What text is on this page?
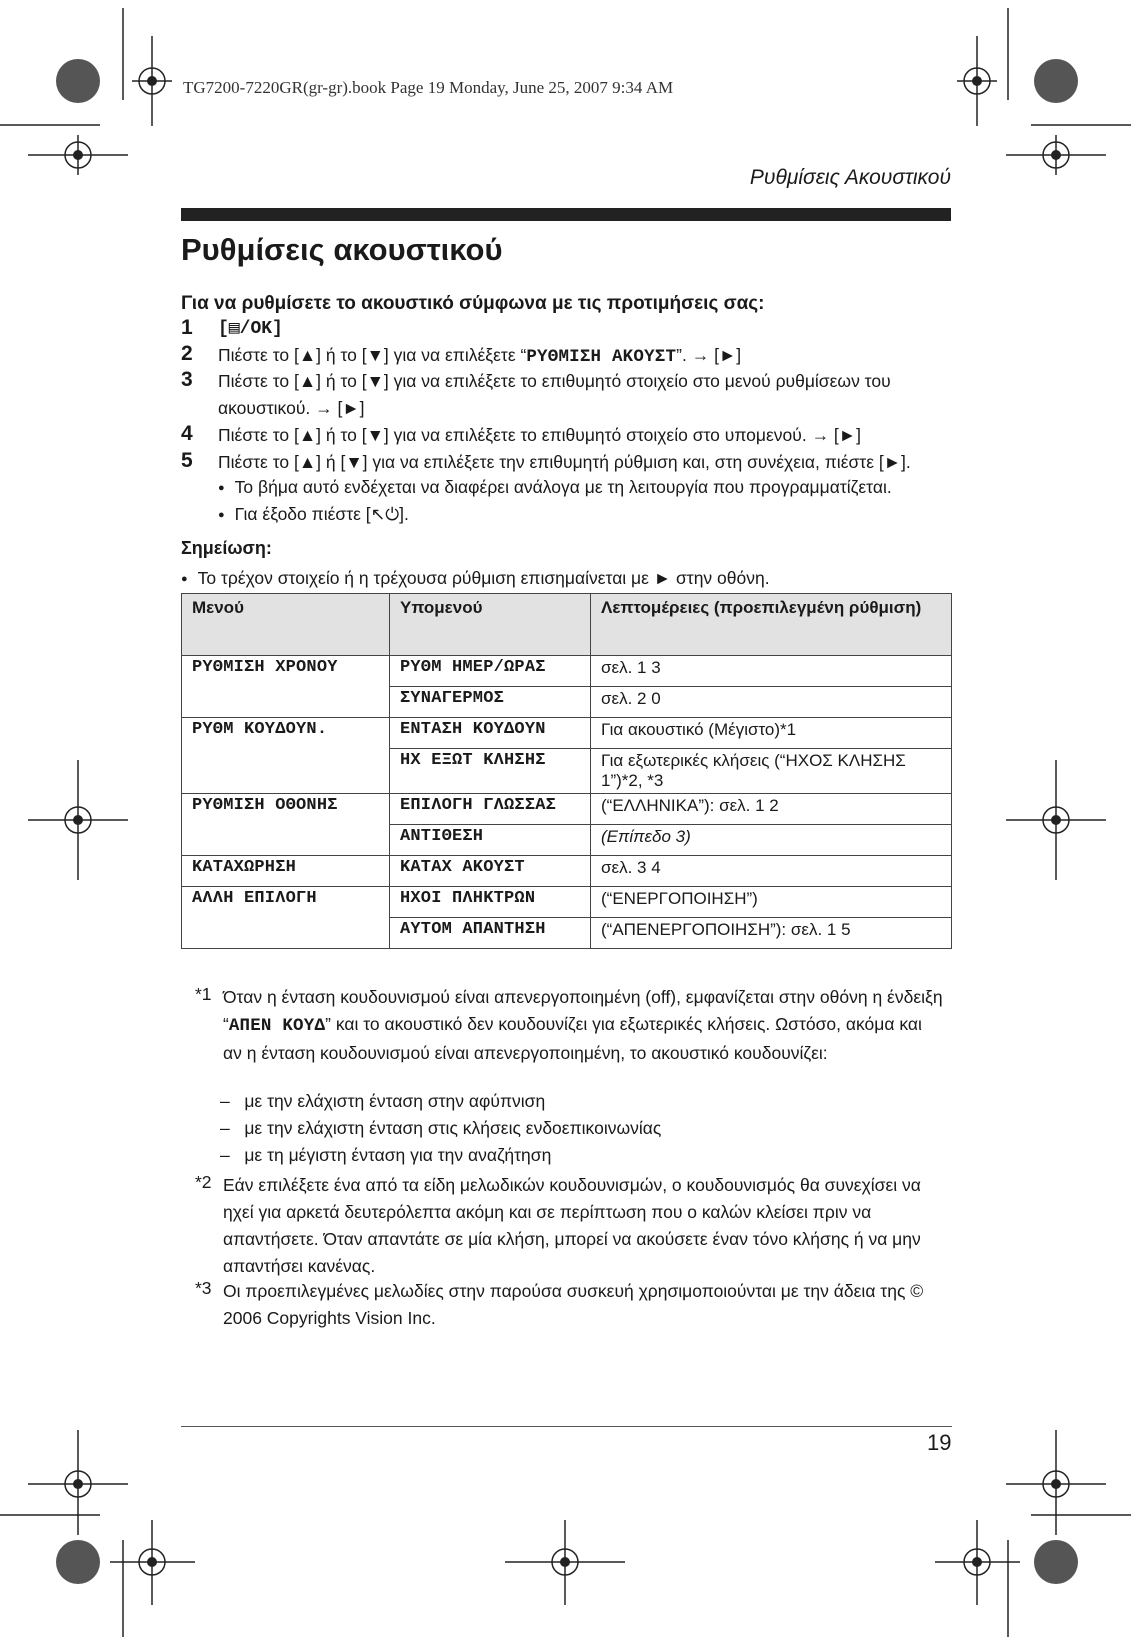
TG7200-7220GR(gr-gr).book Page 19 Monday, June 25, 2007 9:34 AM
Ρυθμίσεις Ακουστικού
Ρυθμίσεις ακουστικού
Για να ρυθμίσετε το ακουστικό σύμφωνα με τις προτιμήσεις σας:
1 [▤/OK]
2 Πιέστε το [▲] ή το [▼] για να επιλέξετε “ΡΥΘΜΙΣΗ ΑΚΟΥΣΤ”. → [►]
3 Πιέστε το [▲] ή το [▼] για να επιλέξετε το επιθυμητό στοιχείο στο μενού ρυθμίσεων του ακουστικού. → [►]
4 Πιέστε το [▲] ή το [▼] για να επιλέξετε το επιθυμητό στοιχείο στο υπομενού. → [►]
5 Πιέστε το [▲] ή [▼] για να επιλέξετε την επιθυμητή ρύθμιση και, στη συνέχεια, πιέστε [►].
● Το βήμα αυτό ενδέχεται να διαφέρει ανάλογα με τη λειτουργία που προγραμματίζεται.
● Για έξοδο πιέστε [↖⏻].
Σημείωση:
● Το τρέχον στοιχείο ή η τρέχουσα ρύθμιση επισημαίνεται με ► στην οθόνη.
Μενού	Υπομενού	Λεπτομέρειες (προεπιλεγμένη ρύθμιση)
ΡΥΘΜΙΣΗ ΧΡΟΝΟΥ	ΡΥΘΜ ΗΜΕΡ/ΩΡΑΣ	σελ. 1 3
	ΣΥΝΑΓΕΡΜΟΣ	σελ. 2 0
ΡΥΘΜ ΚΟΥΔΟΥΝ.	ΕΝΤΑΣΗ ΚΟΥΔΟΥΝ	Για ακουστικό (Μέγιστο)*1
	ΗΧ ΕΞΩΤ ΚΛΗΣΗΣ	Για εξωτερικές κλήσεις (“ΗΧΟΣ ΚΛΗΣΗΣ 1”)*2, *3
ΡΥΘΜΙΣΗ ΟΘΟΝΗΣ	ΕΠΙΛΟΓΗ ΓΛΩΣΣΑΣ	(“ΕΛΛΗΝΙΚΑ”): σελ. 1 2
	ΑΝΤΙΘΕΣΗ	(Επίπεδο 3)
ΚΑΤΑΧΩΡΗΣΗ	ΚΑΤΑΧ ΑΚΟΥΣΤ	σελ. 3 4
ΑΛΛΗ ΕΠΙΛΟΓΗ	ΗΧΟΙ ΠΛΗΚΤΡΩΝ	(“ΕΝΕΡΓΟΠΟΙΗΣΗ”)
	ΑΥΤΟΜ ΑΠΑΝΤΗΣΗ	(“ΑΠΕΝΕΡΓΟΠΟΙΗΣΗ”): σελ. 1 5
*1 Όταν η ένταση κουδουνισμού είναι απενεργοποιημένη (off), εμφανίζεται στην οθόνη η ένδειξη “ΑΠΕΝ ΚΟΥΔ” και το ακουστικό δεν κουδουνίζει για εξωτερικές κλήσεις. Ωστόσο, ακόμα και αν η ένταση κουδουνισμού είναι απενεργοποιημένη, το ακουστικό κουδουνίζει:
–   με την ελάχιστη ένταση στην αφύπνιση
–   με την ελάχιστη ένταση στις κλήσεις ενδοεπικοινωνίας
–   με τη μέγιστη ένταση για την αναζήτηση
*2 Εάν επιλέξετε ένα από τα είδη μελωδικών κουδουνισμών, ο κουδουνισμός θα συνεχίσει να ηχεί για αρκετά δευτερόλεπτα ακόμη και σε περίπτωση που ο καλών κλείσει πριν να απαντήσετε. Όταν απαντάτε σε μία κλήση, μπορεί να ακούσετε έναν τόνο κλήσης ή να μην απαντήσει κανένας.
*3 Οι προεπιλεγμένες μελωδίες στην παρούσα συσκευή χρησιμοποιούνται με την άδεια της © 2006 Copyrights Vision Inc.
19
